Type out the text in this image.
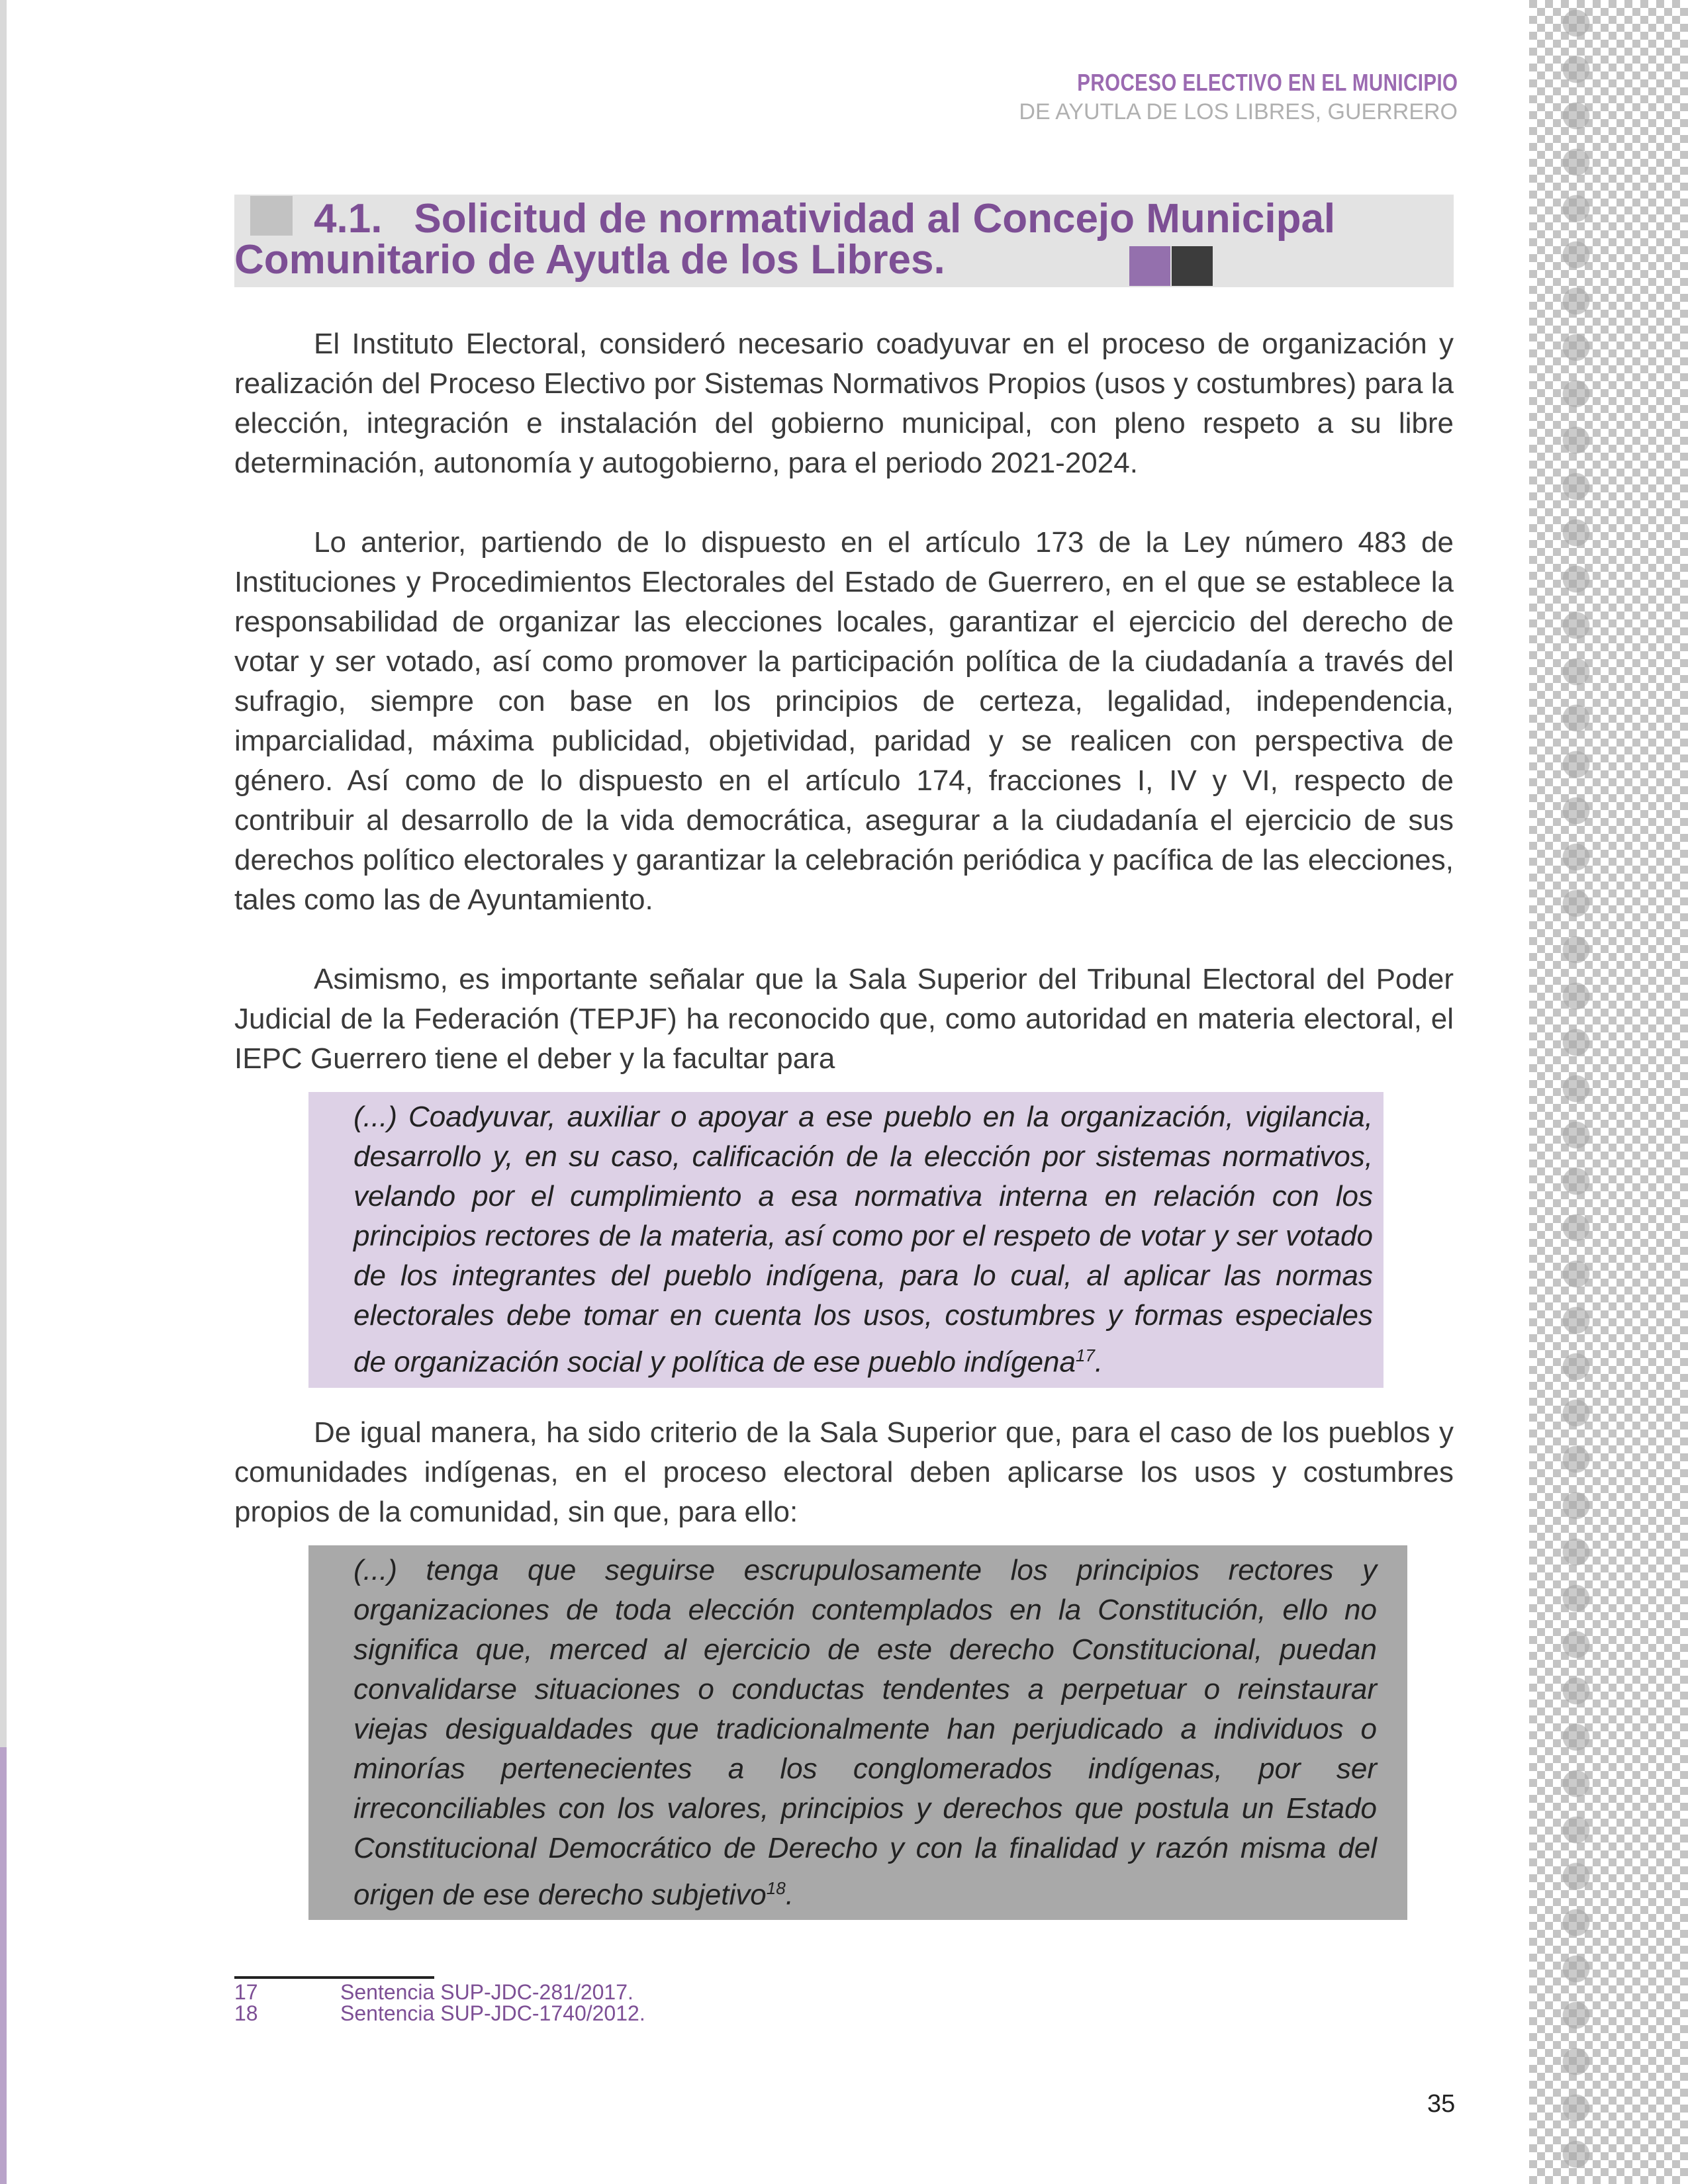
PROCESO ELECTIVO EN EL MUNICIPIO
DE AYUTLA DE LOS LIBRES, GUERRERO
4.1. Solicitud de normatividad al Concejo Municipal
Comunitario de Ayutla de los Libres.

El Instituto Electoral, consideró necesario coadyuvar en el proceso de organización y realización del Proceso Electivo por Sistemas Normativos Propios (usos y costumbres) para la elección, integración e instalación del gobierno municipal, con pleno respeto a su libre determinación, autonomía y autogobierno, para el periodo 2021-2024.

Lo anterior, partiendo de lo dispuesto en el artículo 173 de la Ley número 483 de Instituciones y Procedimientos Electorales del Estado de Guerrero, en el que se establece la responsabilidad de organizar las elecciones locales, garantizar el ejercicio del derecho de votar y ser votado, así como promover la participación política de la ciudadanía a través del sufragio, siempre con base en los principios de certeza, legalidad, independencia, imparcialidad, máxima publicidad, objetividad, paridad y se realicen con perspectiva de género. Así como de lo dispuesto en el artículo 174, fracciones I, IV y VI, respecto de contribuir al desarrollo de la vida democrática, asegurar a la ciudadanía el ejercicio de sus derechos político electorales y garantizar la celebración periódica y pacífica de las elecciones, tales como las de Ayuntamiento.

Asimismo, es importante señalar que la Sala Superior del Tribunal Electoral del Poder Judicial de la Federación (TEPJF) ha reconocido que, como autoridad en materia electoral, el IEPC Guerrero tiene el deber y la facultar para

(...) Coadyuvar, auxiliar o apoyar a ese pueblo en la organización, vigilancia, desarrollo y, en su caso, calificación de la elección por sistemas normativos, velando por el cumplimiento a esa normativa interna en relación con los principios rectores de la materia, así como por el respeto de votar y ser votado de los integrantes del pueblo indígena, para lo cual, al aplicar las normas electorales debe tomar en cuenta los usos, costumbres y formas especiales de organización social y política de ese pueblo indígena$^{17}$.

De igual manera, ha sido criterio de la Sala Superior que, para el caso de los pueblos y comunidades indígenas, en el proceso electoral deben aplicarse los usos y costumbres propios de la comunidad, sin que, para ello:

(...) tenga que seguirse escrupulosamente los principios rectores y organizaciones de toda elección contemplados en la Constitución, ello no significa que, merced al ejercicio de este derecho Constitucional, puedan convalidarse situaciones o conductas tendentes a perpetuar o reinstaurar viejas desigualdades que tradicionalmente han perjudicado a individuos o minorías pertenecientes a los conglomerados indígenas, por ser irreconciliables con los valores, principios y derechos que postula un Estado Constitucional Democrático de Derecho y con la finalidad y razón misma del origen de ese derecho subjetivo$^{18}$.
17	Sentencia SUP-JDC-281/2017.
18	Sentencia SUP-JDC-1740/2012.
35
